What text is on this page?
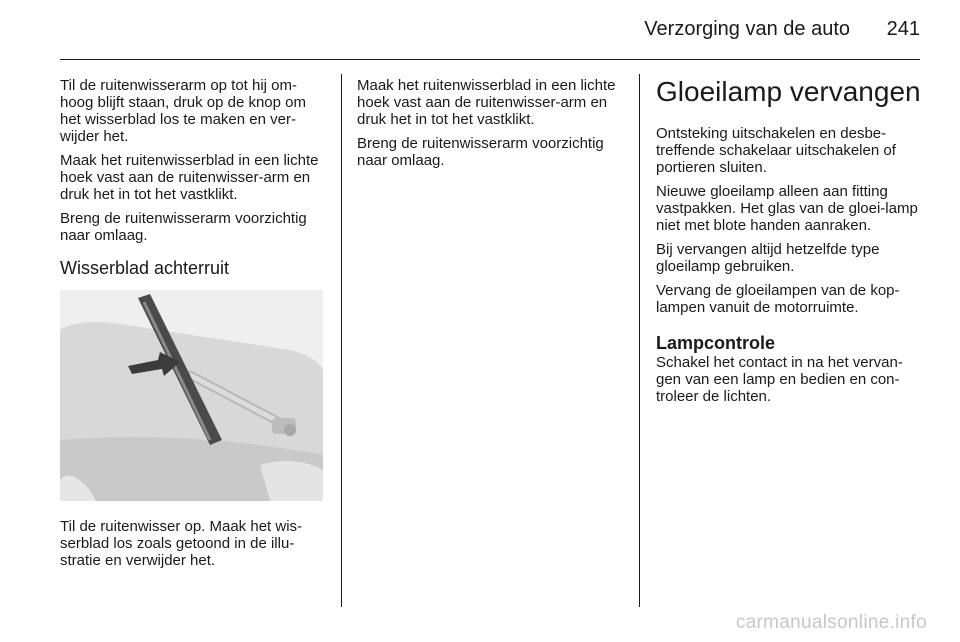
Verzorging van de auto	241

Til de ruitenwisserarm op tot hij om-hoog blijft staan, druk op de knop om het wisserblad los te maken en ver-wijder het.

Maak het ruitenwisserblad in een lichte hoek vast aan de ruitenwisser-arm en druk het in tot het vastklikt.

Breng de ruitenwisserarm voorzichtig naar omlaag.

Wisserblad achterruit
Til de ruitenwisser op. Maak het wis-serblad los zoals getoond in de illu-stratie en verwijder het.

Maak het ruitenwisserblad in een lichte hoek vast aan de ruitenwisser-arm en druk het in tot het vastklikt.

Breng de ruitenwisserarm voorzichtig naar omlaag.

Gloeilamp vervangen

Ontsteking uitschakelen en desbe-treffende schakelaar uitschakelen of portieren sluiten.

Nieuwe gloeilamp alleen aan fitting vastpakken. Het glas van de gloei-lamp niet met blote handen aanraken.

Bij vervangen altijd hetzelfde type gloeilamp gebruiken.

Vervang de gloeilampen van de kop-lampen vanuit de motorruimte.

Lampcontrole

Schakel het contact in na het vervan-gen van een lamp en bedien en con-troleer de lichten.

carmanualsonline.info
